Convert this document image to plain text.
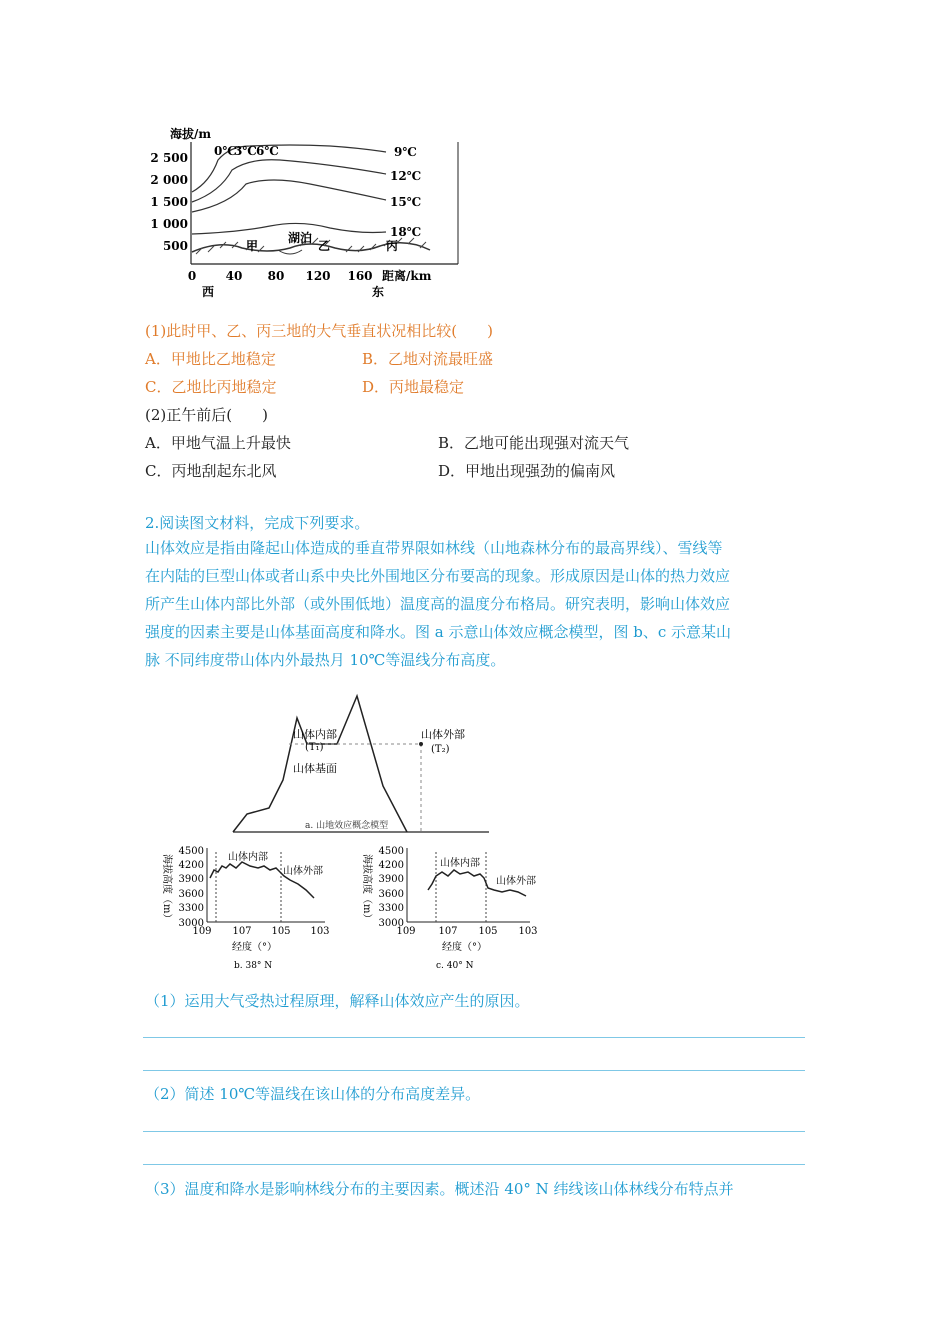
海拔/m
2 500
2 000
1 500
1 000
500
0 40 80 120 160 距离/km
西	东
0℃
3℃ 6℃	9℃
12℃
15℃
18℃
甲
湖泊
乙	丙
(1)此时甲、乙、丙三地的大气垂直状况相比较(　　)
A．甲地比乙地稳定	B．乙地对流最旺盛
C．乙地比丙地稳定	D．丙地最稳定
(2)正午前后(　　)
A．甲地气温上升最快	B．乙地可能出现强对流天气
C．丙地刮起东北风	D．甲地出现强劲的偏南风
2.阅读图文材料，完成下列要求。
山体效应是指由隆起山体造成的垂直带界限如林线（山地森林分布的最高界线）、雪线等
在内陆的巨型山体或者山系中央比外围地区分布要高的现象。形成原因是山体的热力效应
所产生山体内部比外部（或外围低地）温度高的温度分布格局。研究表明，影响山体效应
强度的因素主要是山体基面高度和降水。图 a 示意山体效应概念模型，图 b、c 示意某山
脉 不同纬度带山体内外最热月 10℃等温线分布高度。
山体内部
(T₁)
山体基面
山体外部
(T₂)
a. 山地效应概念模型
海拔高度（m）
4500
4200
3900
3600
3300
3000
山体内部
山体外部
109 107 105 103
经度（°）
b. 38° N
海拔高度（m）
4500
4200
3900
3600
3300
3000
山体内部
山体外部
109 107 105 103
经度（°）
c. 40° N
（1）运用大气受热过程原理，解释山体效应产生的原因。
（2）简述 10℃等温线在该山体的分布高度差异。
（3）温度和降水是影响林线分布的主要因素。概述沿 40° N 纬线该山体林线分布特点并
